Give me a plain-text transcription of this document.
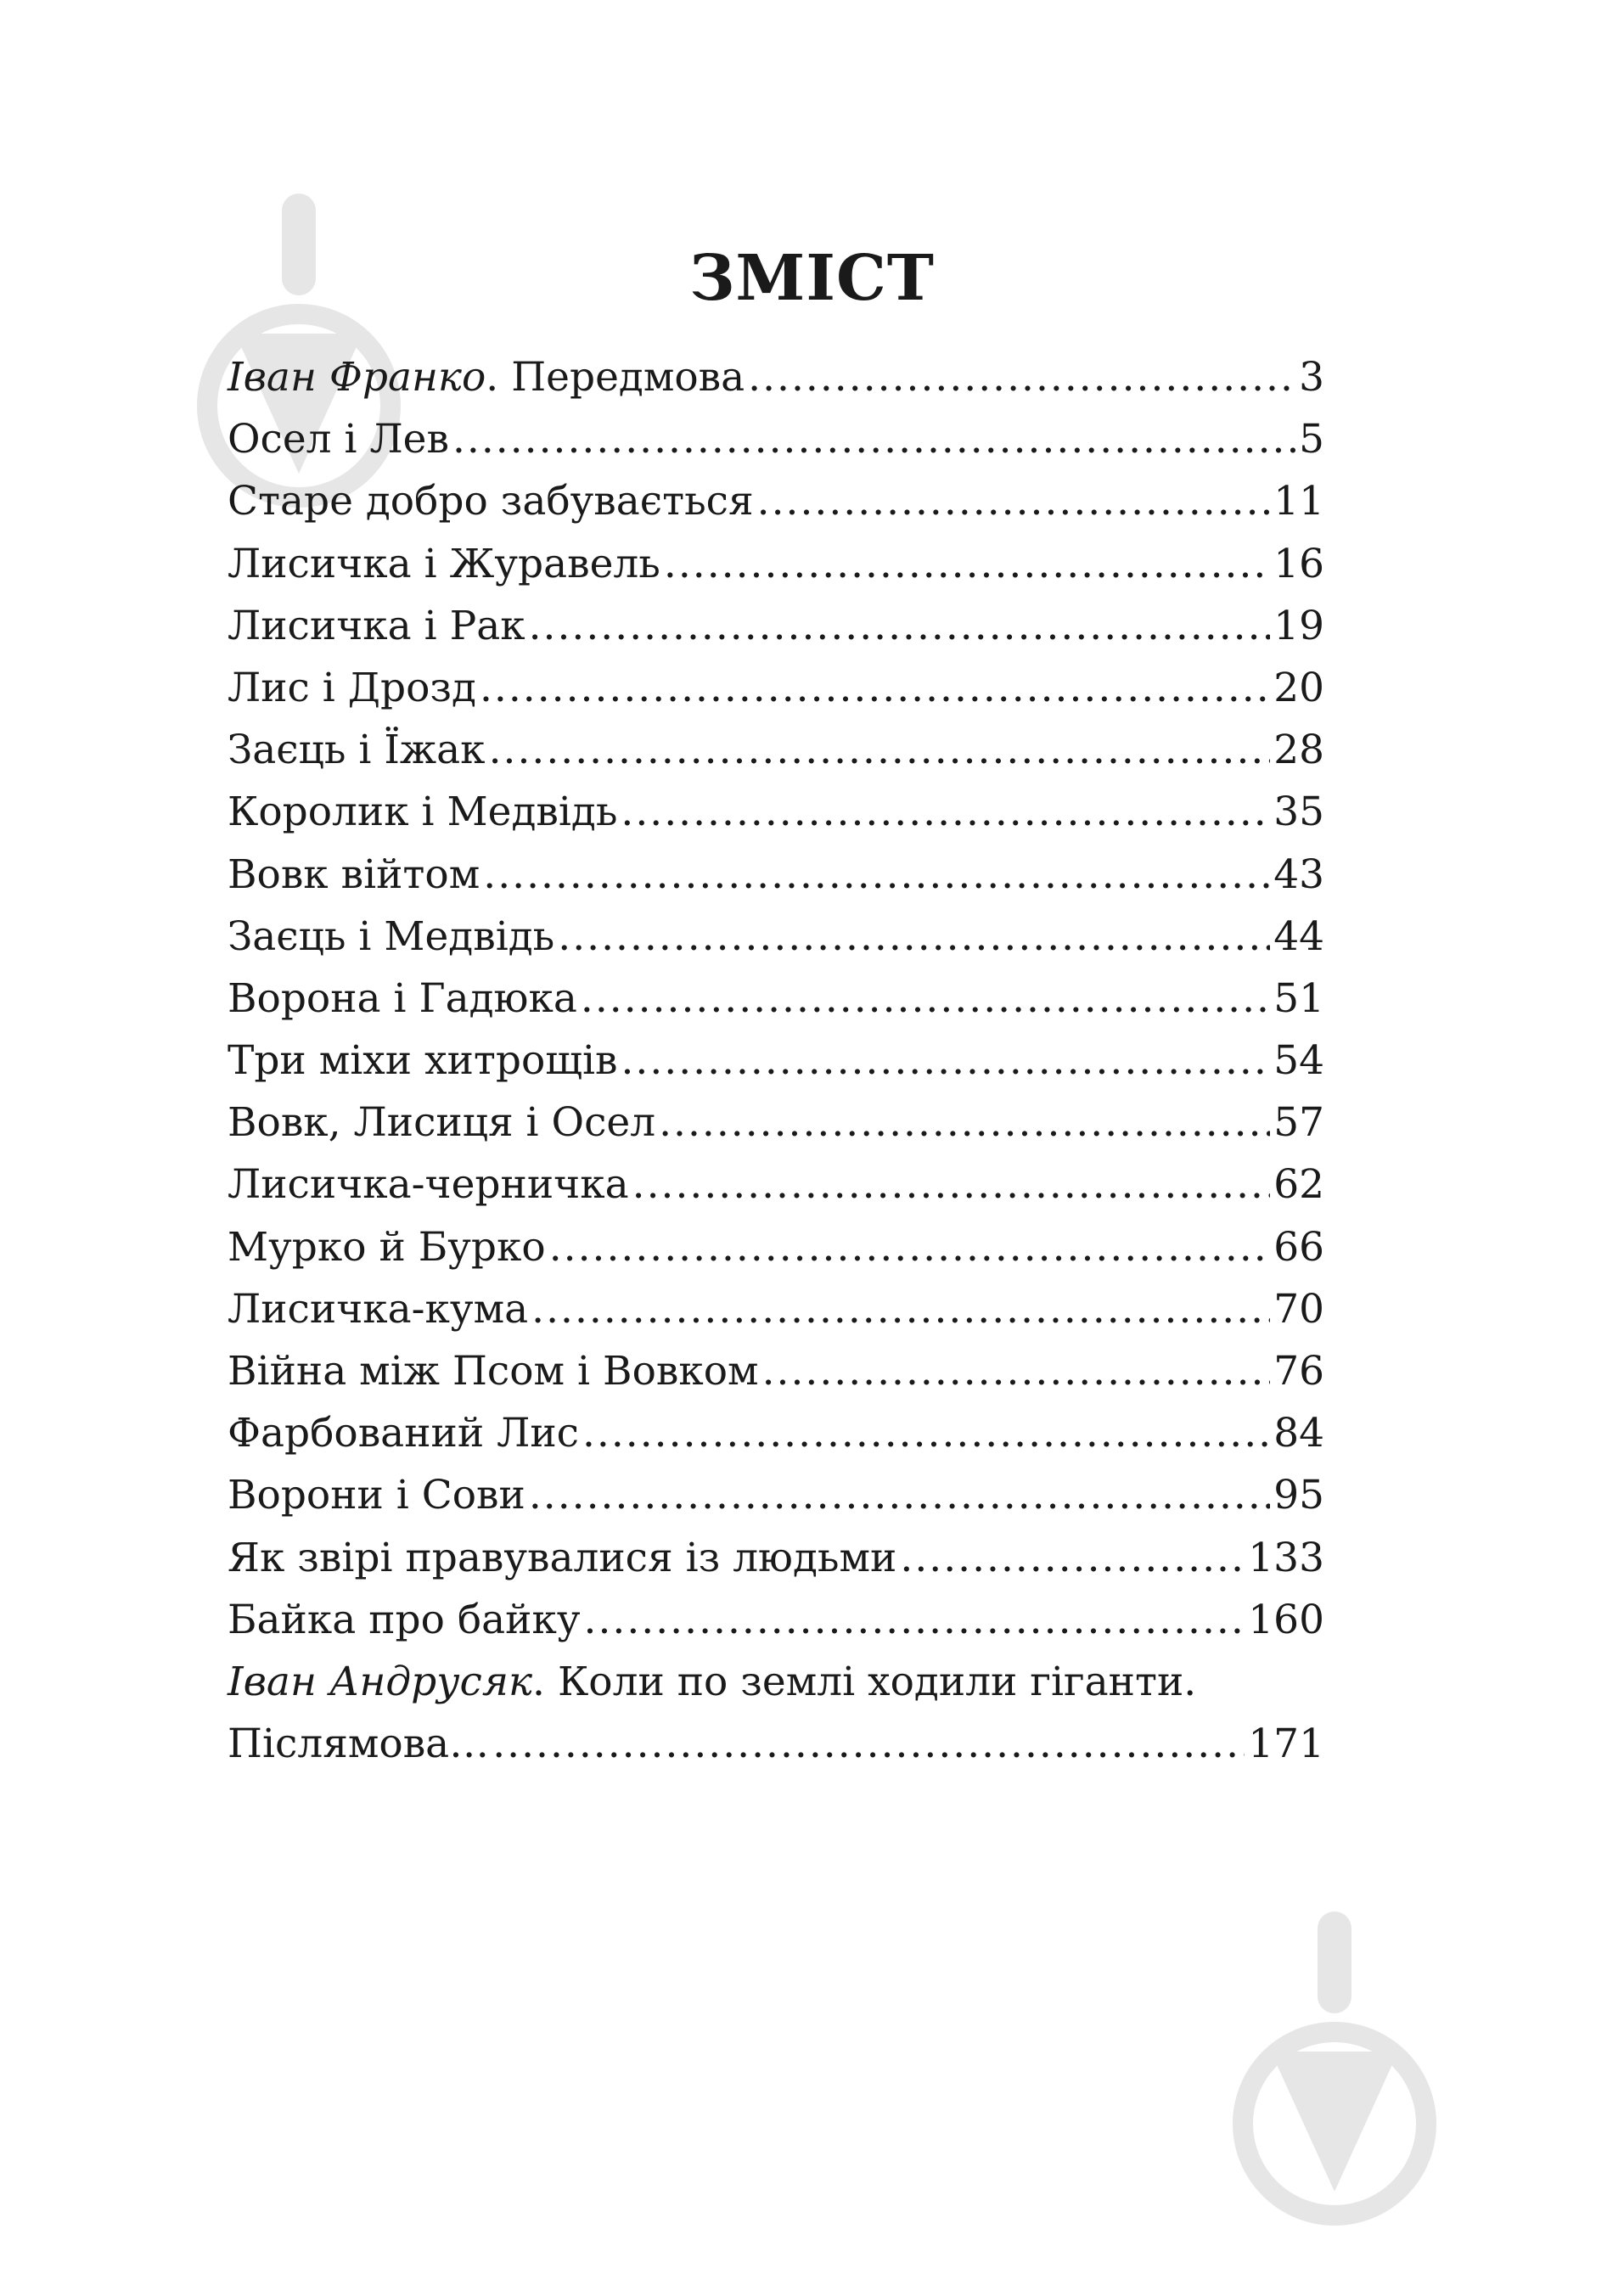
ЗМІСТ
Іван Франко. Передмова .....	3
Осел і Лев .....	5
Старе добро забувається .....	11
Лисичка і Журавель .....	16
Лисичка і Рак .....	19
Лис і Дрозд .....	20
Заєць і Їжак .....	28
Королик і Медвідь .....	35
Вовк війтом .....	43
Заєць і Медвідь .....	44
Ворона і Гадюка .....	51
Три міхи хитрощів .....	54
Вовк, Лисиця і Осел .....	57
Лисичка-черничка .....	62
Мурко й Бурко .....	66
Лисичка-кума .....	70
Війна між Псом і Вовком .....	76
Фарбований Лис .....	84
Ворони і Сови .....	95
Як звірі правувалися із людьми .....	133
Байка про байку .....	160
Іван Андрусяк. Коли по землі ходили гіганти.
Післямова… .....	171
